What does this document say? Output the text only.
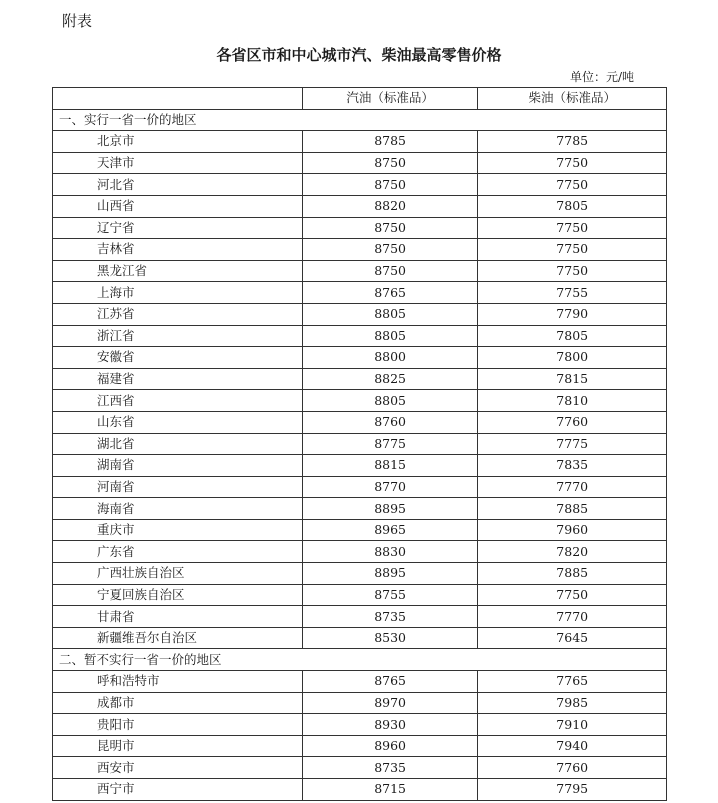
附表
各省区市和中心城市汽、柴油最高零售价格
单位：元/吨
	汽油（标准品）	柴油（标准品）
一、实行一省一价的地区		
北京市	8785	7785
天津市	8750	7750
河北省	8750	7750
山西省	8820	7805
辽宁省	8750	7750
吉林省	8750	7750
黑龙江省	8750	7750
上海市	8765	7755
江苏省	8805	7790
浙江省	8805	7805
安徽省	8800	7800
福建省	8825	7815
江西省	8805	7810
山东省	8760	7760
湖北省	8775	7775
湖南省	8815	7835
河南省	8770	7770
海南省	8895	7885
重庆市	8965	7960
广东省	8830	7820
广西壮族自治区	8895	7885
宁夏回族自治区	8755	7750
甘肃省	8735	7770
新疆维吾尔自治区	8530	7645
二、暂不实行一省一价的地区		
呼和浩特市	8765	7765
成都市	8970	7985
贵阳市	8930	7910
昆明市	8960	7940
西安市	8735	7760
西宁市	8715	7795
